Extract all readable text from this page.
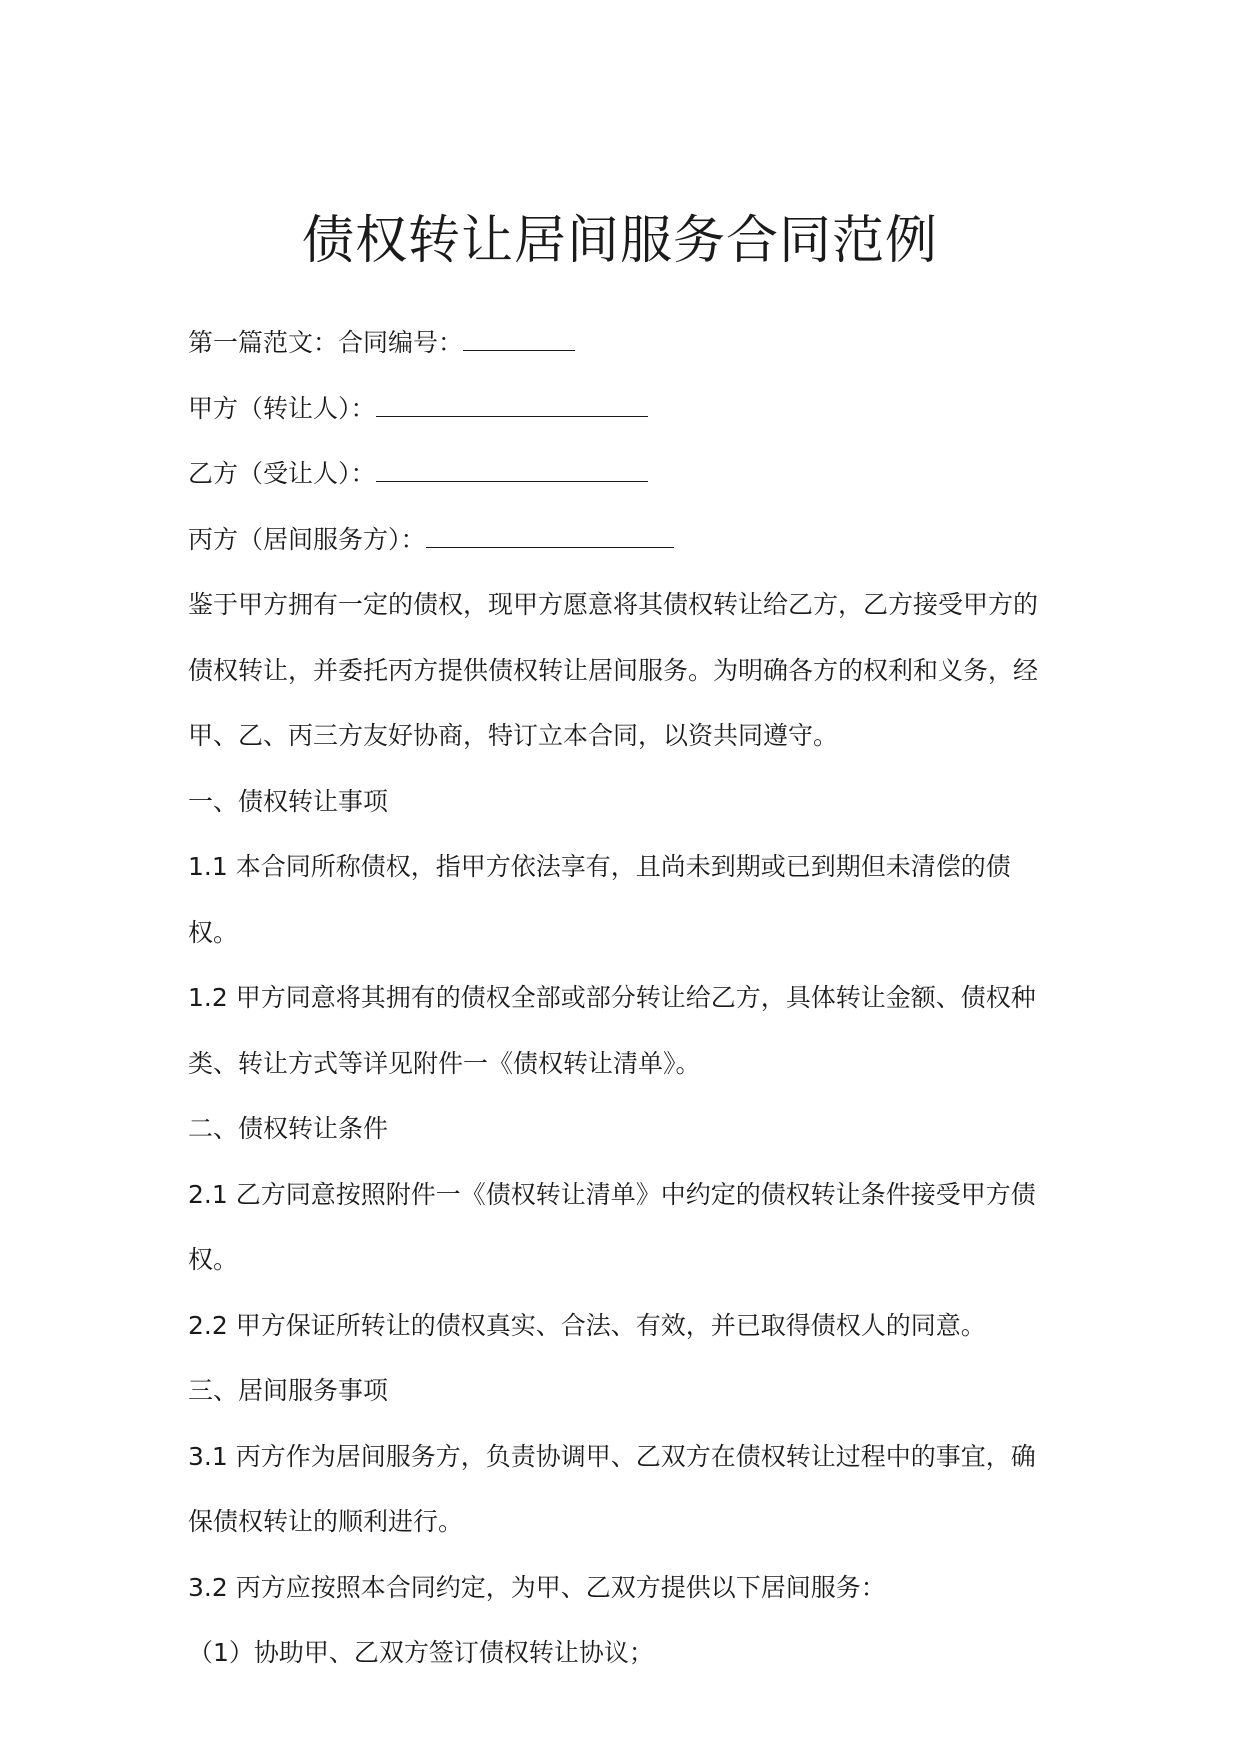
债权转让居间服务合同范例

第一篇范文：合同编号：

甲方（转让人）：

乙方（受让人）：

丙方（居间服务方）：

鉴于甲方拥有一定的债权，现甲方愿意将其债权转让给乙方，乙方接受甲方的债权转让，并委托丙方提供债权转让居间服务。为明确各方的权利和义务，经甲、乙、丙三方友好协商，特订立本合同，以资共同遵守。

一、债权转让事项

1.1 本合同所称债权，指甲方依法享有，且尚未到期或已到期但未清偿的债权。

1.2 甲方同意将其拥有的债权全部或部分转让给乙方，具体转让金额、债权种类、转让方式等详见附件一《债权转让清单》。

二、债权转让条件

2.1 乙方同意按照附件一《债权转让清单》中约定的债权转让条件接受甲方债权。

2.2 甲方保证所转让的债权真实、合法、有效，并已取得债权人的同意。

三、居间服务事项

3.1 丙方作为居间服务方，负责协调甲、乙双方在债权转让过程中的事宜，确保债权转让的顺利进行。

3.2 丙方应按照本合同约定，为甲、乙双方提供以下居间服务：

（1）协助甲、乙双方签订债权转让协议；
